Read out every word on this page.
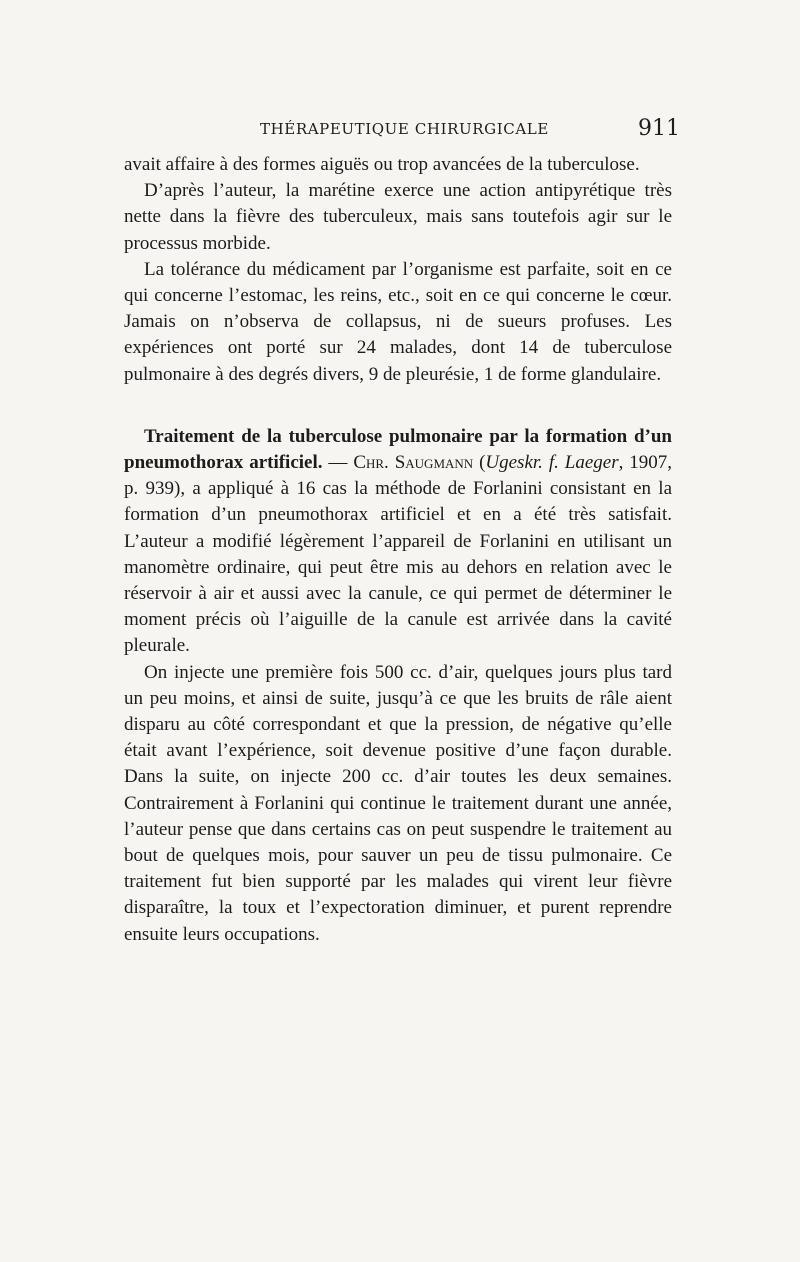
THÉRAPEUTIQUE CHIRURGICALE	911

avait affaire à des formes aiguës ou trop avancées de la tuberculose.

D’après l’auteur, la marétine exerce une action antipyrétique très nette dans la fièvre des tuberculeux, mais sans toutefois agir sur le processus morbide.

La tolérance du médicament par l’organisme est parfaite, soit en ce qui concerne l’estomac, les reins, etc., soit en ce qui concerne le cœur. Jamais on n’observa de collapsus, ni de sueurs profuses. Les expériences ont porté sur 24 malades, dont 14 de tuberculose pulmonaire à des degrés divers, 9 de pleurésie, 1 de forme glandulaire.

Traitement de la tuberculose pulmonaire par la formation d’un pneumothorax artificiel. — Chr. Saugmann (Ugeskr. f. Laeger, 1907, p. 939), a appliqué à 16 cas la méthode de Forlanini consistant en la formation d’un pneumothorax artificiel et en a été très satisfait. L’auteur a modifié légèrement l’appareil de Forlanini en utilisant un manomètre ordinaire, qui peut être mis au dehors en relation avec le réservoir à air et aussi avec la canule, ce qui permet de déterminer le moment précis où l’aiguille de la canule est arrivée dans la cavité pleurale.

On injecte une première fois 500 cc. d’air, quelques jours plus tard un peu moins, et ainsi de suite, jusqu’à ce que les bruits de râle aient disparu au côté correspondant et que la pression, de négative qu’elle était avant l’expérience, soit devenue positive d’une façon durable. Dans la suite, on injecte 200 cc. d’air toutes les deux semaines. Contrairement à Forlanini qui continue le traitement durant une année, l’auteur pense que dans certains cas on peut suspendre le traitement au bout de quelques mois, pour sauver un peu de tissu pulmonaire. Ce traitement fut bien supporté par les malades qui virent leur fièvre disparaître, la toux et l’expectoration diminuer, et purent reprendre ensuite leurs occupations.
